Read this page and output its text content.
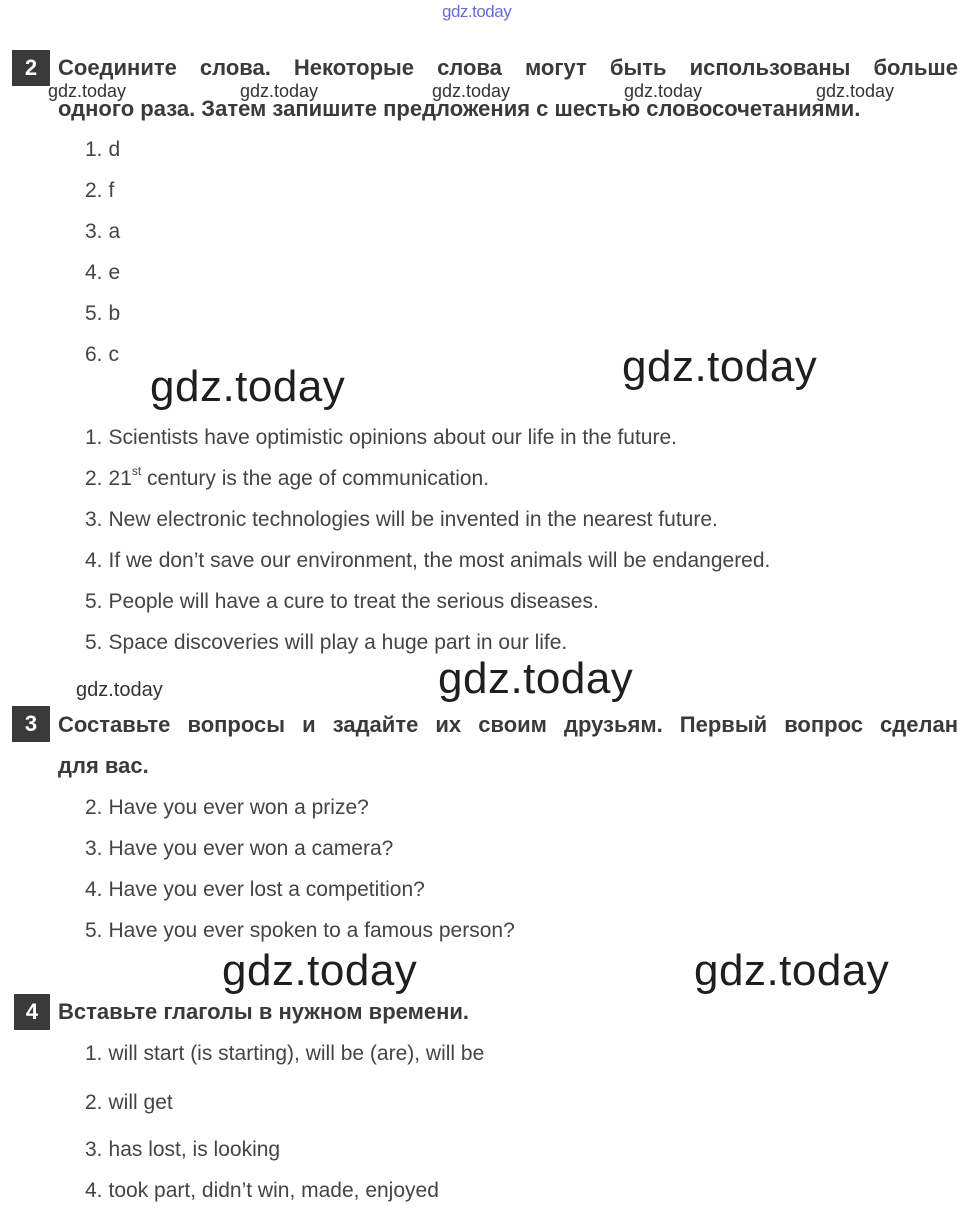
gdz.today
2 Соедините слова. Некоторые слова могут быть использованы больше
одного раза. Затем запишите предложения с шестью словосочетаниями.
gdz.today	gdz.today	gdz.today	gdz.today	gdz.today
1. d
2. f
3. a
4. e
5. b
6. c
gdz.today	gdz.today
1. Scientists have optimistic opinions about our life in the future.
2. 21st century is the age of communication.
3. New electronic technologies will be invented in the nearest future.
4. If we don’t save our environment, the most animals will be endangered.
5. People will have a cure to treat the serious diseases.
5. Space discoveries will play a huge part in our life.
gdz.today	gdz.today
3 Составьте вопросы и задайте их своим друзьям. Первый вопрос сделан
для вас.
2. Have you ever won a prize?
3. Have you ever won a camera?
4. Have you ever lost a competition?
5. Have you ever spoken to a famous person?
gdz.today	gdz.today
4 Вставьте глаголы в нужном времени.
1. will start (is starting), will be (are), will be
2. will get
3. has lost, is looking
4. took part, didn’t win, made, enjoyed
